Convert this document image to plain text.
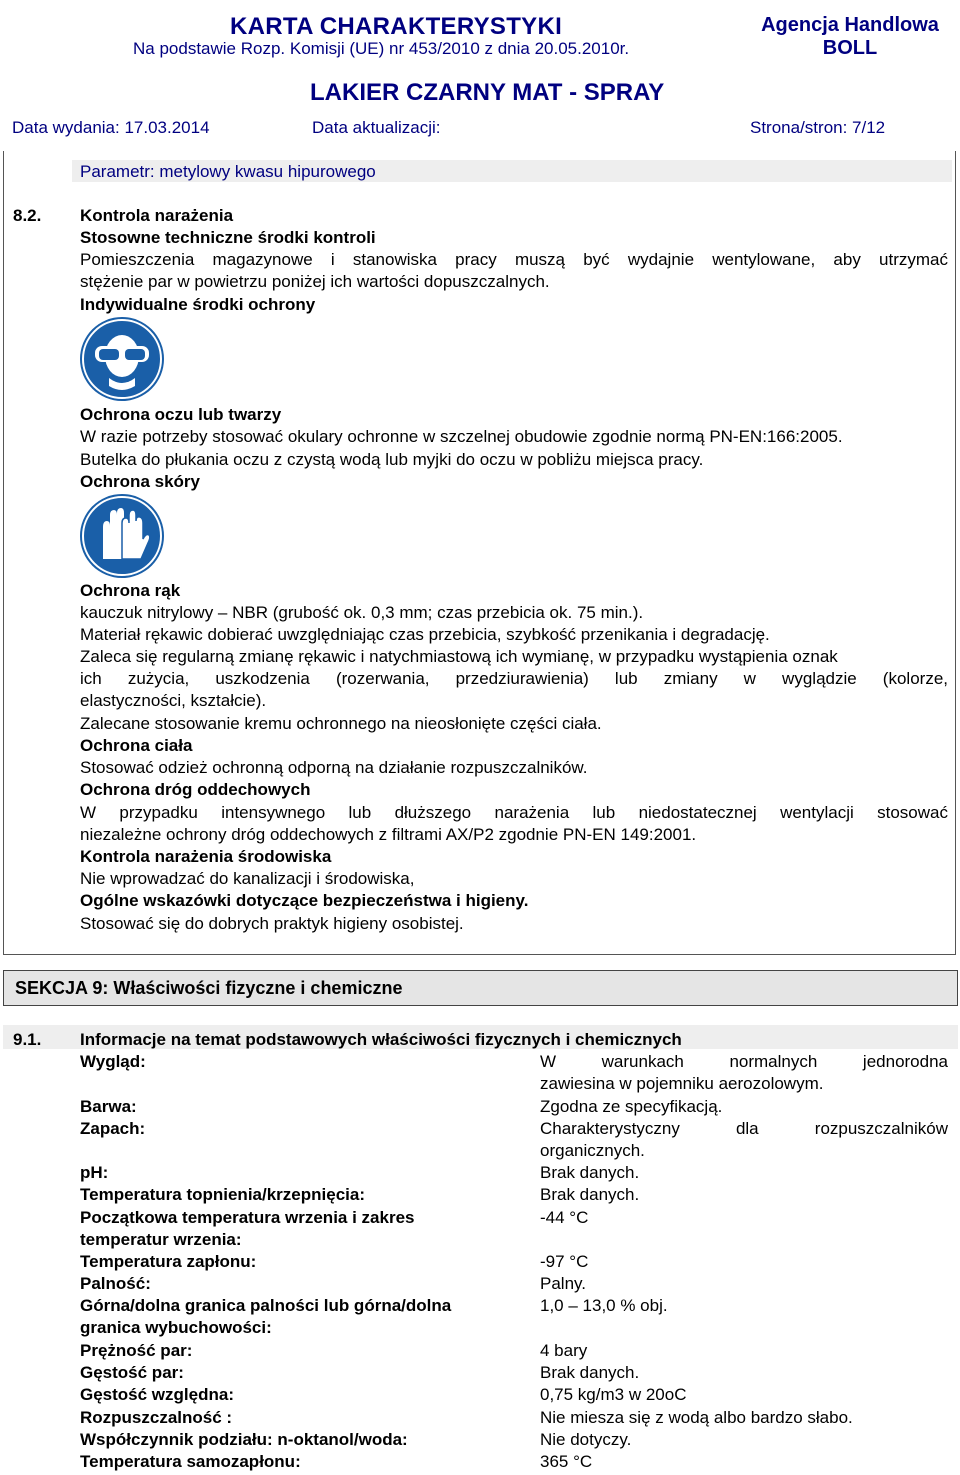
KARTA CHARAKTERYSTYKI
Na podstawie Rozp. Komisji (UE) nr 453/2010 z dnia 20.05.2010r.
Agencja Handlowa
BOLL
LAKIER CZARNY MAT - SPRAY
Data wydania: 17.03.2014	Data aktualizacji:	Strona/stron: 7/12
Parametr: metylowy kwasu hipurowego
8.2. Kontrola narażenia
Stosowne techniczne środki kontroli
Pomieszczenia magazynowe i stanowiska pracy muszą być wydajnie wentylowane, aby utrzymać
stężenie par w powietrzu poniżej ich wartości dopuszczalnych.
Indywidualne środki ochrony
Ochrona oczu lub twarzy
W razie potrzeby stosować okulary ochronne w szczelnej obudowie zgodnie normą PN-EN:166:2005.
Butelka do płukania oczu z czystą wodą lub myjki do oczu w pobliżu miejsca pracy.
Ochrona skóry
Ochrona rąk
kauczuk nitrylowy – NBR (grubość ok. 0,3 mm; czas przebicia ok. 75 min.).
Materiał rękawic dobierać uwzględniając czas przebicia, szybkość przenikania i degradację.
Zaleca się regularną zmianę rękawic i natychmiastową ich wymianę, w przypadku wystąpienia oznak
ich zużycia, uszkodzenia (rozerwania, przedziurawienia) lub zmiany w wyglądzie (kolorze,
elastyczności, kształcie).
Zalecane stosowanie kremu ochronnego na nieosłonięte części ciała.
Ochrona ciała
Stosować odzież ochronną odporną na działanie rozpuszczalników.
Ochrona dróg oddechowych
W przypadku intensywnego lub dłuższego narażenia lub niedostatecznej wentylacji stosować
niezależne ochrony dróg oddechowych z filtrami AX/P2 zgodnie PN-EN 149:2001.
Kontrola narażenia środowiska
Nie wprowadzać do kanalizacji i środowiska,
Ogólne wskazówki dotyczące bezpieczeństwa i higieny.
Stosować się do dobrych praktyk higieny osobistej.
SEKCJA 9: Właściwości fizyczne i chemiczne
9.1. Informacje na temat podstawowych właściwości fizycznych i chemicznych
Wygląd:	W warunkach normalnych jednorodna
zawiesina w pojemniku aerozolowym.
Barwa:	Zgodna ze specyfikacją.
Zapach:	Charakterystyczny dla rozpuszczalników
organicznych.
pH:	Brak danych.
Temperatura topnienia/krzepnięcia:	Brak danych.
Początkowa temperatura wrzenia i zakres
temperatur wrzenia:
-44 °C
Temperatura zapłonu:	-97 °C
Palność:	Palny.
Górna/dolna granica palności lub górna/dolna
granica wybuchowości:
1,0 – 13,0 % obj.
Prężność par:	4 bary
Gęstość par:	Brak danych.
Gęstość względna:	0,75 kg/m3 w 20oC
Rozpuszczalność :	Nie miesza się z wodą albo bardzo słabo.
Współczynnik podziału: n-oktanol/woda:	Nie dotyczy.
Temperatura samozapłonu:	365 °C
